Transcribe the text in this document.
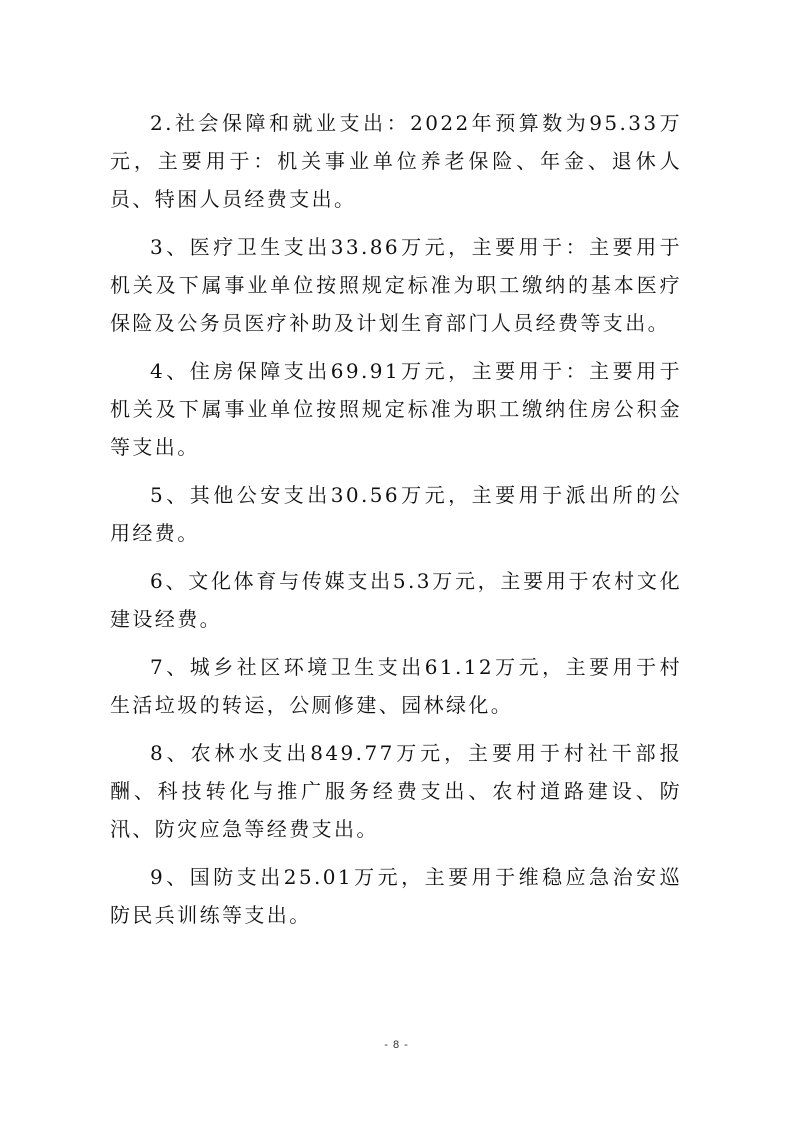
2.社会保障和就业支出：2022年预算数为95.33万元，主要用于：机关事业单位养老保险、年金、退休人员、特困人员经费支出。

3、医疗卫生支出33.86万元，主要用于：主要用于机关及下属事业单位按照规定标准为职工缴纳的基本医疗保险及公务员医疗补助及计划生育部门人员经费等支出。

4、住房保障支出69.91万元，主要用于：主要用于机关及下属事业单位按照规定标准为职工缴纳住房公积金等支出。

5、其他公安支出30.56万元，主要用于派出所的公用经费。

6、文化体育与传媒支出5.3万元，主要用于农村文化建设经费。

7、城乡社区环境卫生支出61.12万元，主要用于村生活垃圾的转运，公厕修建、园林绿化。

8、农林水支出849.77万元，主要用于村社干部报酬、科技转化与推广服务经费支出、农村道路建设、防汛、防灾应急等经费支出。

9、国防支出25.01万元，主要用于维稳应急治安巡防民兵训练等支出。

- 8 -
